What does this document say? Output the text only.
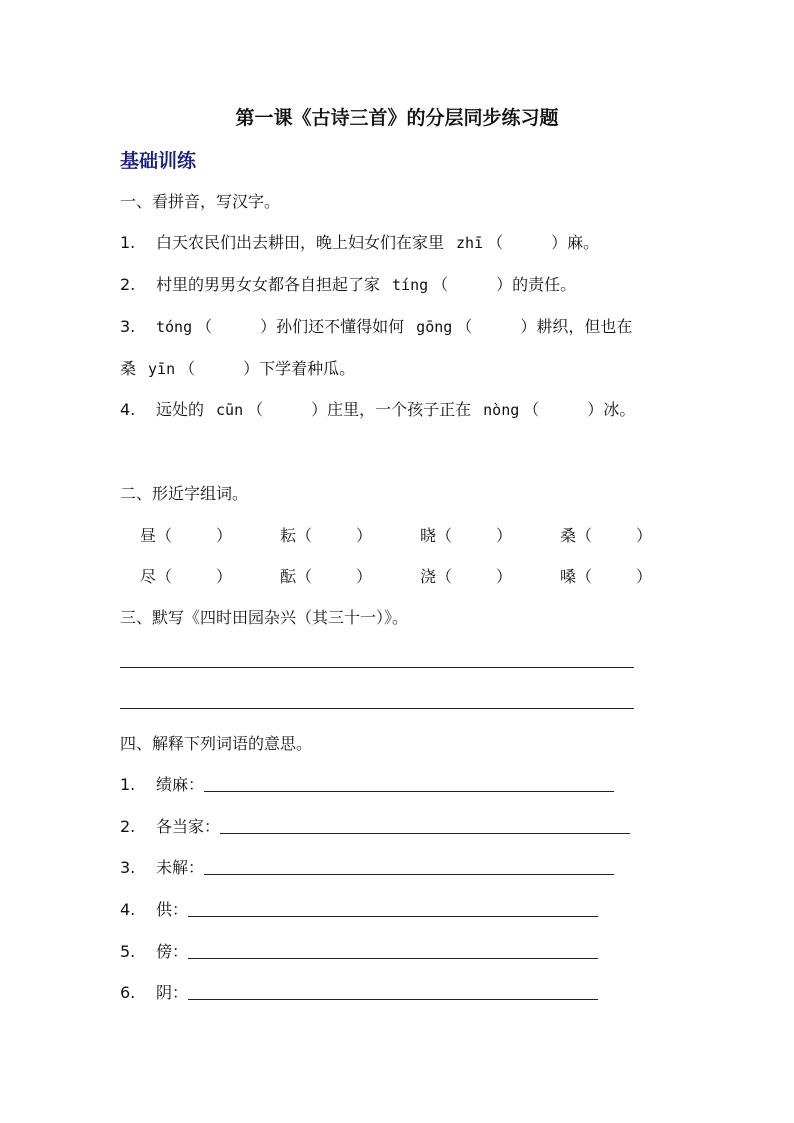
第一课《古诗三首》的分层同步练习题
基础训练
一、看拼音，写汉字。
1. 白天农民们出去耕田，晚上妇女们在家里 zhī （	）麻。
2. 村里的男男女女都各自担起了家 tíng （	）的责任。
3. tóng （	）孙们还不懂得如何 gōng （	）耕织，但也在
桑 yīn （	）下学着种瓜。
4. 远处的 cūn （	）庄里，一个孩子正在 nòng （	）冰。
二、形近字组词。
昼（	）	耘（	）	晓（	）	桑（	）
尽（	）	酝（	）	浇（	）	嗓（	）
三、默写《四时田园杂兴（其三十一）》。
四、解释下列词语的意思。
1. 绩麻：
2. 各当家：
3. 未解：
4. 供：
5. 傍：
6. 阴：
